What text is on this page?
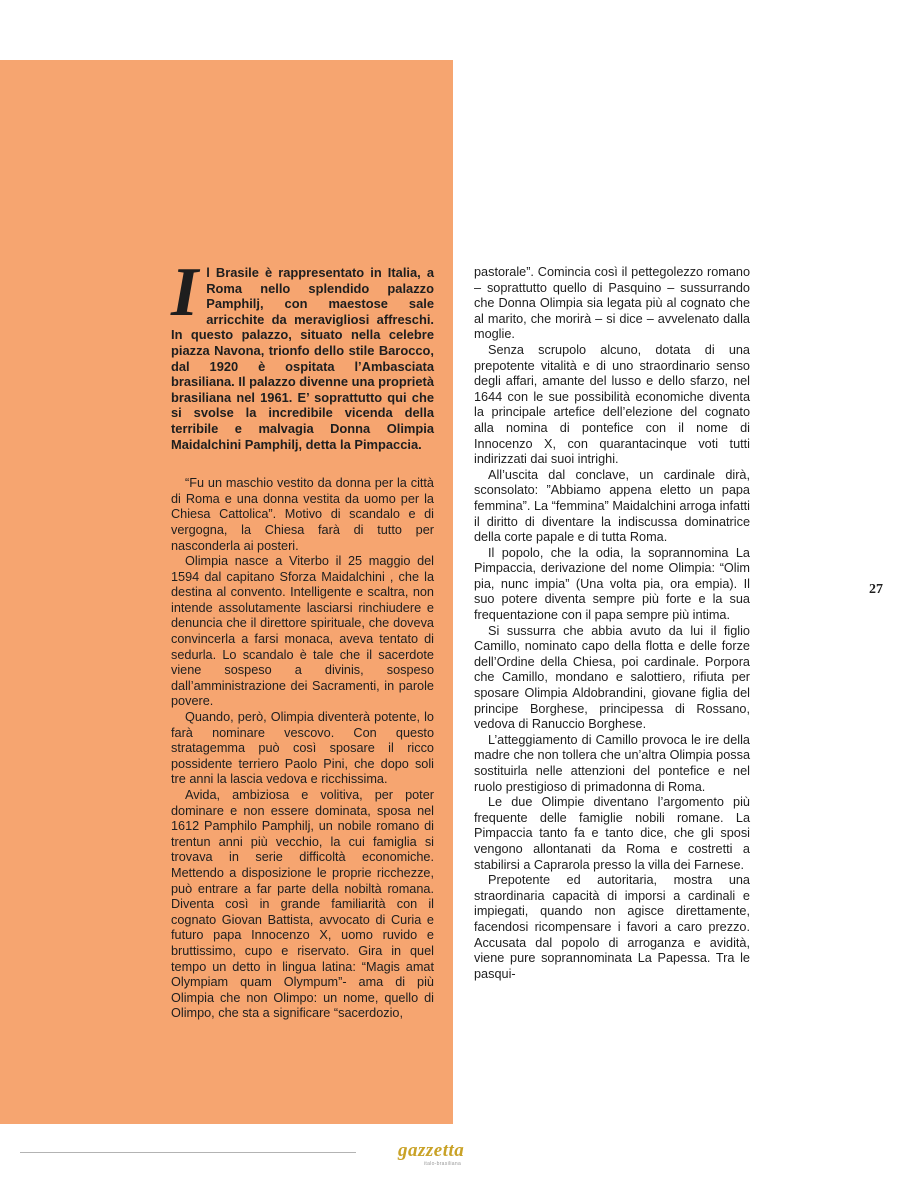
Il Brasile è rappresentato in Italia, a Roma nello splendido palazzo Pamphilj, con maestose sale arricchite da meravigliosi affreschi. In questo palazzo, situato nella celebre piazza Navona, trionfo dello stile Barocco, dal 1920 è ospitata l’Ambasciata brasiliana. Il palazzo divenne una proprietà brasiliana nel 1961. E’ soprattutto qui che si svolse la incredibile vicenda della terribile e malvagia Donna Olimpia Maidalchini Pamphilj, detta la Pimpaccia.

“Fu un maschio vestito da donna per la città di Roma e una donna vestita da uomo per la Chiesa Cattolica”. Motivo di scandalo e di vergogna, la Chiesa farà di tutto per nasconderla ai posteri.

Olimpia nasce a Viterbo il 25 maggio del 1594 dal capitano Sforza Maidalchini , che la destina al convento. Intelligente e scaltra, non intende assolutamente lasciarsi rinchiudere e denuncia che il direttore spirituale, che doveva convincerla a farsi monaca, aveva tentato di sedurla. Lo scandalo è tale che il sacerdote viene sospeso a divinis, sospeso dall’amministrazione dei Sacramenti, in parole povere.

Quando, però, Olimpia diventerà potente, lo farà nominare vescovo. Con questo stratagemma può così sposare il ricco possidente terriero Paolo Pini, che dopo soli tre anni la lascia vedova e ricchissima.

Avida, ambiziosa e volitiva, per poter dominare e non essere dominata, sposa nel 1612 Pamphilo Pamphilj, un nobile romano di trentun anni più vecchio, la cui famiglia si trovava in serie difficoltà economiche. Mettendo a disposizione le proprie ricchezze, può entrare a far parte della nobiltà romana. Diventa così in grande familiarità con il cognato Giovan Battista, avvocato di Curia e futuro papa Innocenzo X, uomo ruvido e bruttissimo, cupo e riservato. Gira in quel tempo un detto in lingua latina: “Magis amat Olympiam quam Olympum”- ama di più Olimpia che non Olimpo: un nome, quello di Olimpo, che sta a significare “sacerdozio,

pastorale”. Comincia così il pettegolezzo romano – soprattutto quello di Pasquino – sussurrando che Donna Olimpia sia legata più al cognato che al marito, che morirà – si dice – avvelenato dalla moglie.

Senza scrupolo alcuno, dotata di una prepotente vitalità e di uno straordinario senso degli affari, amante del lusso e dello sfarzo, nel 1644 con le sue possibilità economiche diventa la principale artefice dell’elezione del cognato alla nomina di pontefice con il nome di Innocenzo X, con quarantacinque voti tutti indirizzati dai suoi intrighi.

All’uscita dal conclave, un cardinale dirà, sconsolato: ”Abbiamo appena eletto un papa femmina”. La “femmina” Maidalchini arroga infatti il diritto di diventare la indiscussa dominatrice della corte papale e di tutta Roma.

Il popolo, che la odia, la soprannomina La Pimpaccia, derivazione del nome Olimpia: “Olim pia, nunc impia” (Una volta pia, ora empia). Il suo potere diventa sempre più forte e la sua frequentazione con il papa sempre più intima.

Si sussurra che abbia avuto da lui il figlio Camillo, nominato capo della flotta e delle forze dell’Ordine della Chiesa, poi cardinale. Porpora che Camillo, mondano e salottiero, rifiuta per sposare Olimpia Aldobrandini, giovane figlia del principe Borghese, principessa di Rossano, vedova di Ranuccio Borghese.

L’atteggiamento di Camillo provoca le ire della madre che non tollera che un’altra Olimpia possa sostituirla nelle attenzioni del pontefice e nel ruolo prestigioso di primadonna di Roma.

Le due Olimpie diventano l’argomento più frequente delle famiglie nobili romane. La Pimpaccia tanto fa e tanto dice, che gli sposi vengono allontanati da Roma e costretti a stabilirsi a Caprarola presso la villa dei Farnese.

Prepotente ed autoritaria, mostra una straordinaria capacità di imporsi a cardinali e impiegati, quando non agisce direttamente, facendosi ricompensare i favori a caro prezzo. Accusata dal popolo di arroganza e avidità, viene pure soprannominata La Papessa. Tra le pasqui-

27
gazzetta
italo-brasiliana
